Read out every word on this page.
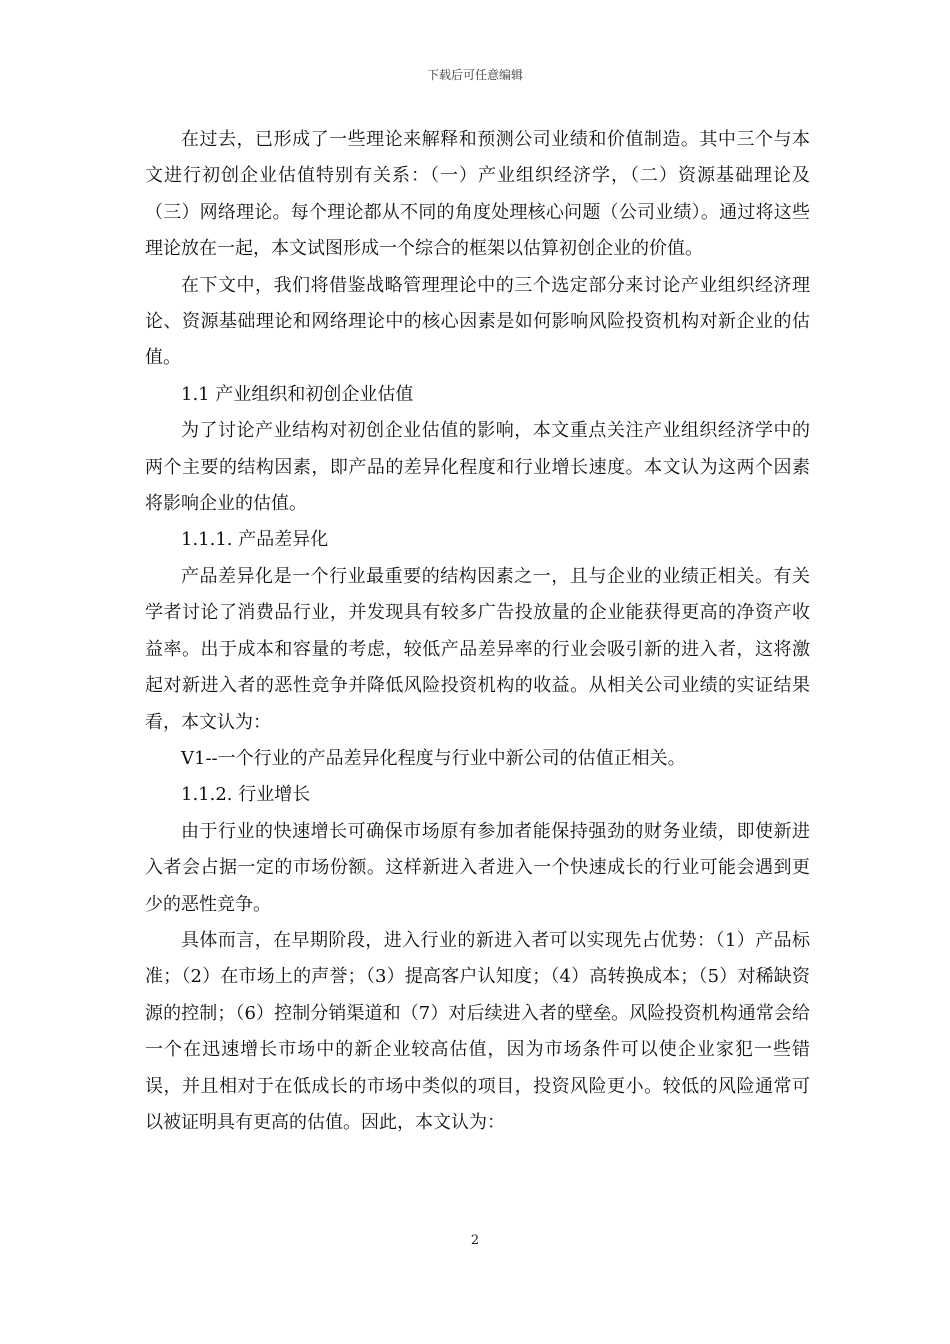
下载后可任意编辑

在过去，已形成了一些理论来解释和预测公司业绩和价值制造。其中三个与本文进行初创企业估值特别有关系：（一）产业组织经济学，（二）资源基础理论及（三）网络理论。每个理论都从不同的角度处理核心问题（公司业绩）。通过将这些理论放在一起，本文试图形成一个综合的框架以估算初创企业的价值。

在下文中，我们将借鉴战略管理理论中的三个选定部分来讨论产业组织经济理论、资源基础理论和网络理论中的核心因素是如何影响风险投资机构对新企业的估值。

1.1 产业组织和初创企业估值

为了讨论产业结构对初创企业估值的影响，本文重点关注产业组织经济学中的两个主要的结构因素，即产品的差异化程度和行业增长速度。本文认为这两个因素将影响企业的估值。

1.1.1. 产品差异化

产品差异化是一个行业最重要的结构因素之一，且与企业的业绩正相关。有关学者讨论了消费品行业，并发现具有较多广告投放量的企业能获得更高的净资产收益率。出于成本和容量的考虑，较低产品差异率的行业会吸引新的进入者，这将激起对新进入者的恶性竞争并降低风险投资机构的收益。从相关公司业绩的实证结果看，本文认为：

V1--一个行业的产品差异化程度与行业中新公司的估值正相关。

1.1.2. 行业增长

由于行业的快速增长可确保市场原有参加者能保持强劲的财务业绩，即使新进入者会占据一定的市场份额。这样新进入者进入一个快速成长的行业可能会遇到更少的恶性竞争。

具体而言，在早期阶段，进入行业的新进入者可以实现先占优势：（1）产品标准；（2）在市场上的声誉；（3）提高客户认知度；（4）高转换成本；（5）对稀缺资源的控制；（6）控制分销渠道和（7）对后续进入者的壁垒。风险投资机构通常会给一个在迅速增长市场中的新企业较高估值，因为市场条件可以使企业家犯一些错误，并且相对于在低成长的市场中类似的项目，投资风险更小。较低的风险通常可以被证明具有更高的估值。因此，本文认为：

2
